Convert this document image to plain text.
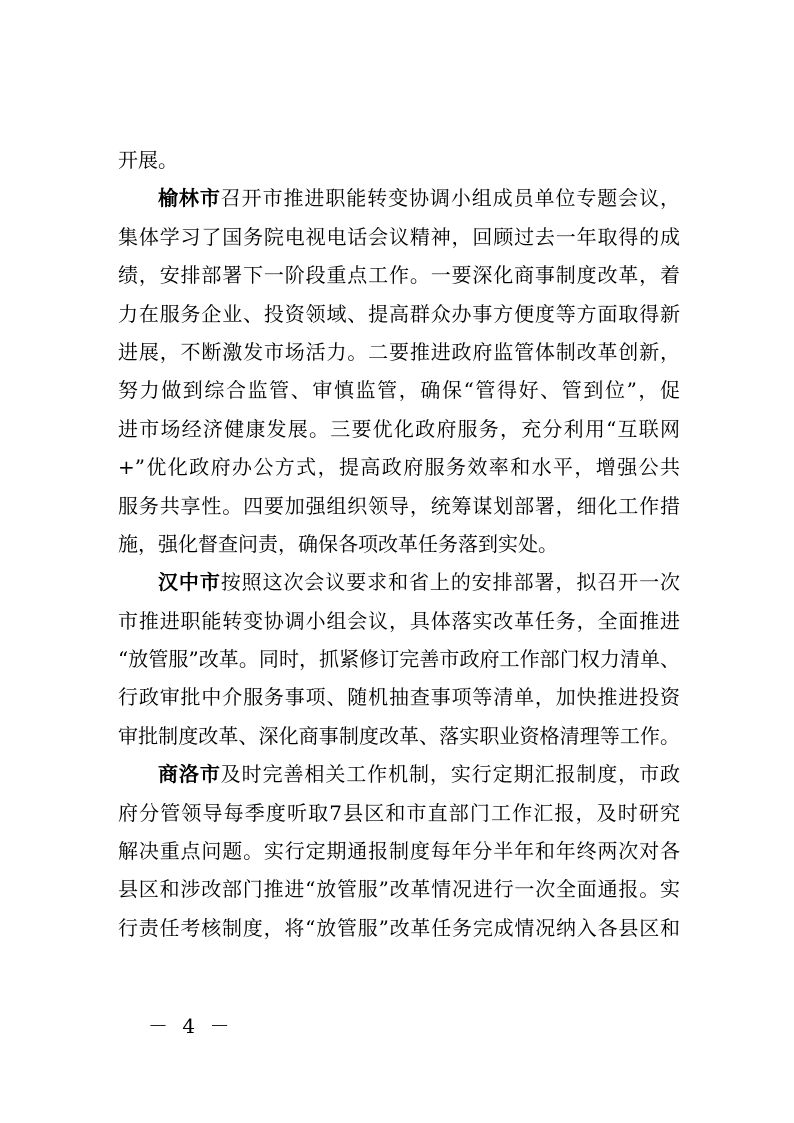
开展。
榆林市召开市推进职能转变协调小组成员单位专题会议，
集体学习了国务院电视电话会议精神，回顾过去一年取得的成
绩，安排部署下一阶段重点工作。一要深化商事制度改革，着
力在服务企业、投资领域、提高群众办事方便度等方面取得新
进展，不断激发市场活力。二要推进政府监管体制改革创新，
努力做到综合监管、审慎监管，确保“管得好、管到位”，促
进市场经济健康发展。三要优化政府服务，充分利用“互联网
+”优化政府办公方式，提高政府服务效率和水平，增强公共
服务共享性。四要加强组织领导，统筹谋划部署，细化工作措
施，强化督查问责，确保各项改革任务落到实处。
汉中市按照这次会议要求和省上的安排部署，拟召开一次
市推进职能转变协调小组会议，具体落实改革任务，全面推进
“放管服”改革。同时，抓紧修订完善市政府工作部门权力清单、
行政审批中介服务事项、随机抽查事项等清单，加快推进投资
审批制度改革、深化商事制度改革、落实职业资格清理等工作。
商洛市及时完善相关工作机制，实行定期汇报制度，市政
府分管领导每季度听取7县区和市直部门工作汇报，及时研究
解决重点问题。实行定期通报制度每年分半年和年终两次对各
县区和涉改部门推进“放管服”改革情况进行一次全面通报。实
行责任考核制度，将“放管服”改革任务完成情况纳入各县区和
－ 4 －
